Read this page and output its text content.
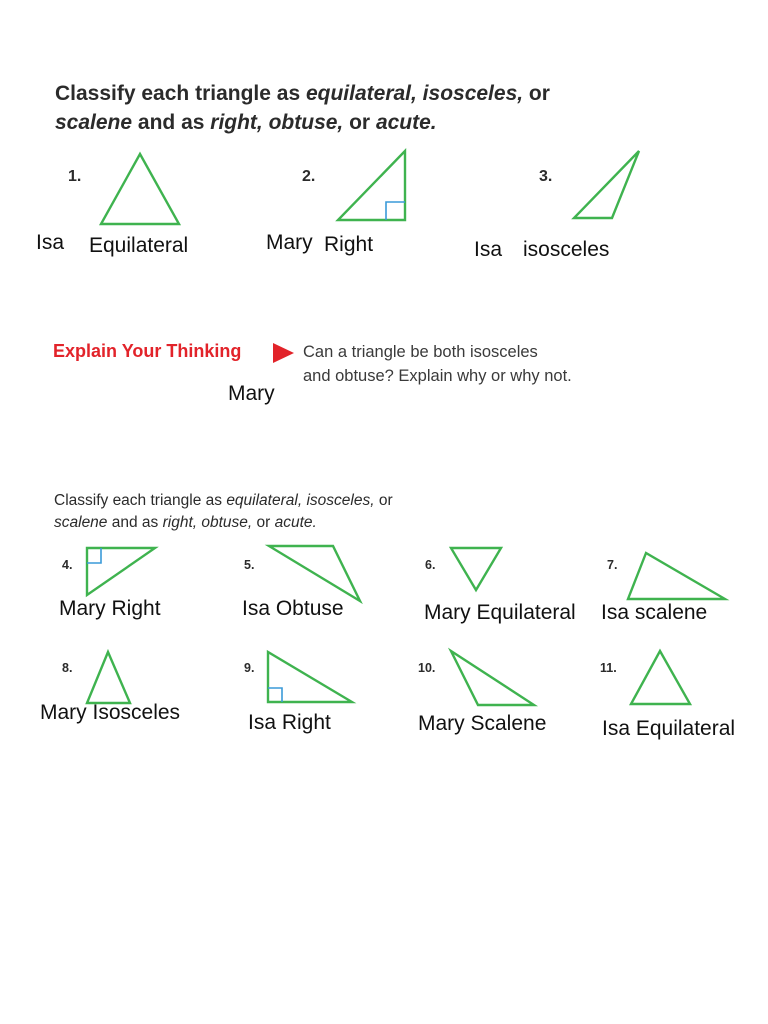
Classify each triangle as equilateral, isosceles, or
scalene and as right, obtuse, or acute.
1.
Isa Equilateral
2.
Mary Right
3.
Isa isosceles
Explain Your Thinking	Can a triangle be both isosceles
and obtuse? Explain why or why not.
Mary
Classify each triangle as equilateral, isosceles, or
scalene and as right, obtuse, or acute.
4.	5.	6.	7.
8.	9.	10.	11.
Mary Right	Isa Obtuse	Mary Equilateral Isa scalene
Mary Isosceles	Isa Right	Mary Scalene	Isa Equilateral
